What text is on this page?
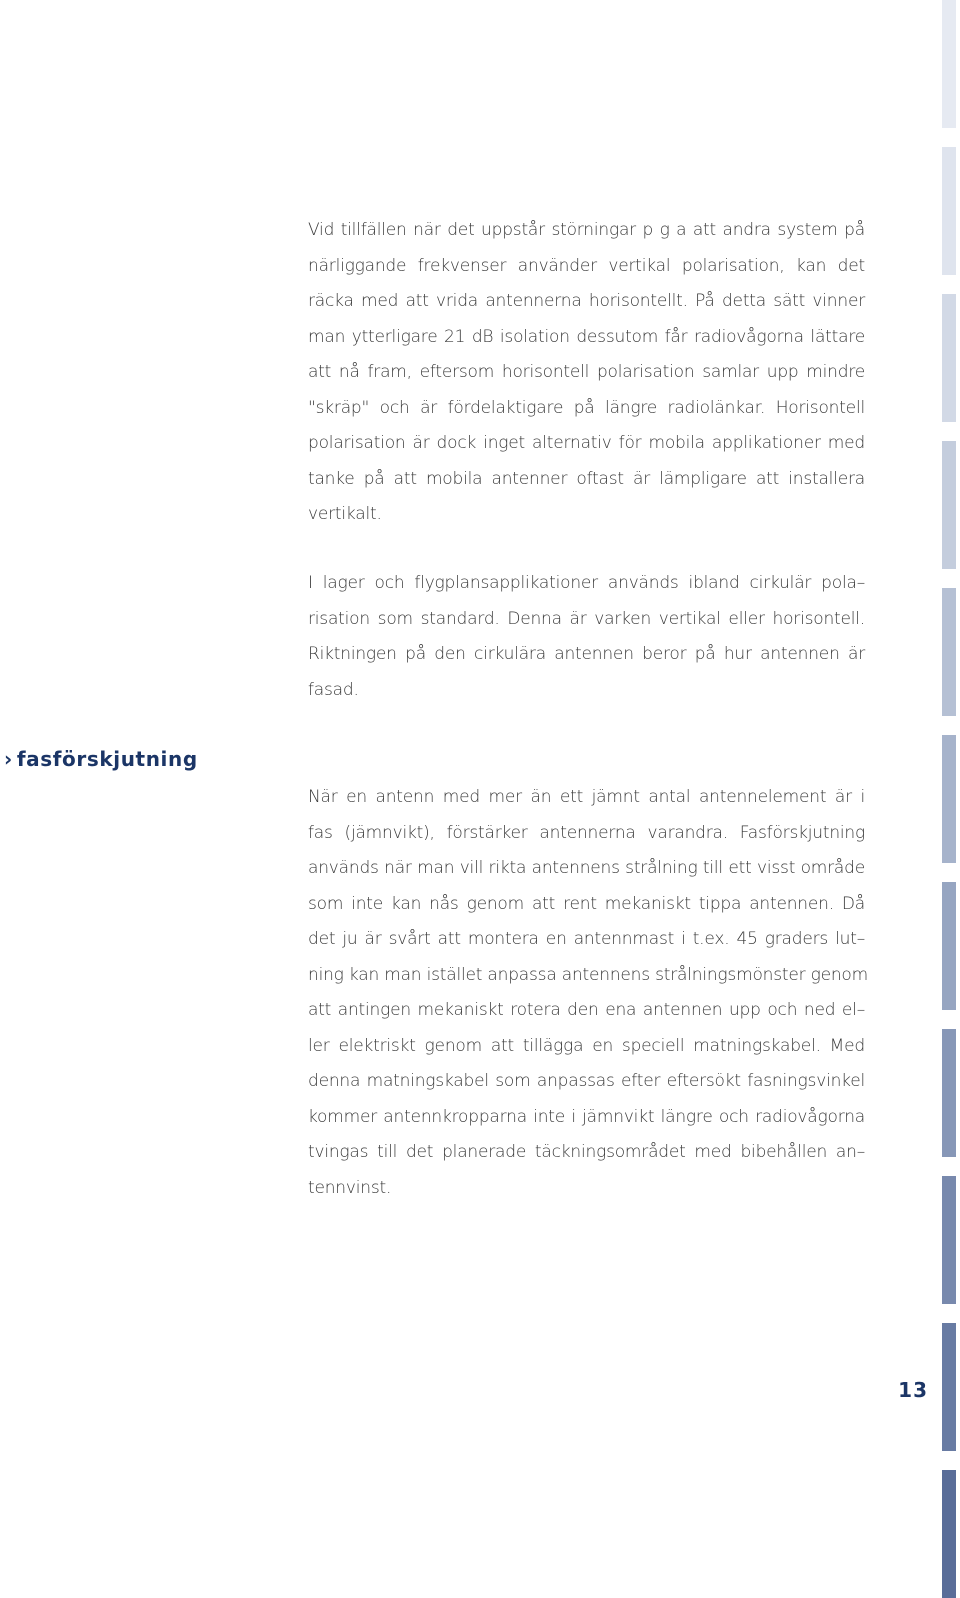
Vid tillfällen när det uppstår störningar p g a att andra system på
närliggande frekvenser använder vertikal polarisation, kan det
räcka med att vrida antennerna horisontellt. På detta sätt vinner
man ytterligare 21 dB isolation dessutom får radiovågorna lättare
att nå fram, eftersom horisontell polarisation samlar upp mindre
"skräp" och är fördelaktigare på längre radiolänkar. Horisontell
polarisation är dock inget alternativ för mobila applikationer med
tanke på att mobila antenner oftast är lämpligare att installera
vertikalt.
I lager och flygplansapplikationer används ibland cirkulär pola–
risation som standard. Denna är varken vertikal eller horisontell.
Riktningen på den cirkulära antennen beror på hur antennen är
fasad.
› fasförskjutning
När en antenn med mer än ett jämnt antal antennelement är i
fas (jämnvikt), förstärker antennerna varandra. Fasförskjutning
används när man vill rikta antennens strålning till ett visst område
som inte kan nås genom att rent mekaniskt tippa antennen. Då
det ju är svårt att montera en antennmast i t.ex. 45 graders lut–
ning kan man istället anpassa antennens strålningsmönster genom
att antingen mekaniskt rotera den ena antennen upp och ned el–
ler elektriskt genom att tillägga en speciell matningskabel. Med
denna matningskabel som anpassas efter eftersökt fasningsvinkel
kommer antennkropparna inte i jämnvikt längre och radiovågorna
tvingas till det planerade täckningsområdet med bibehållen an–
tennvinst.
13
